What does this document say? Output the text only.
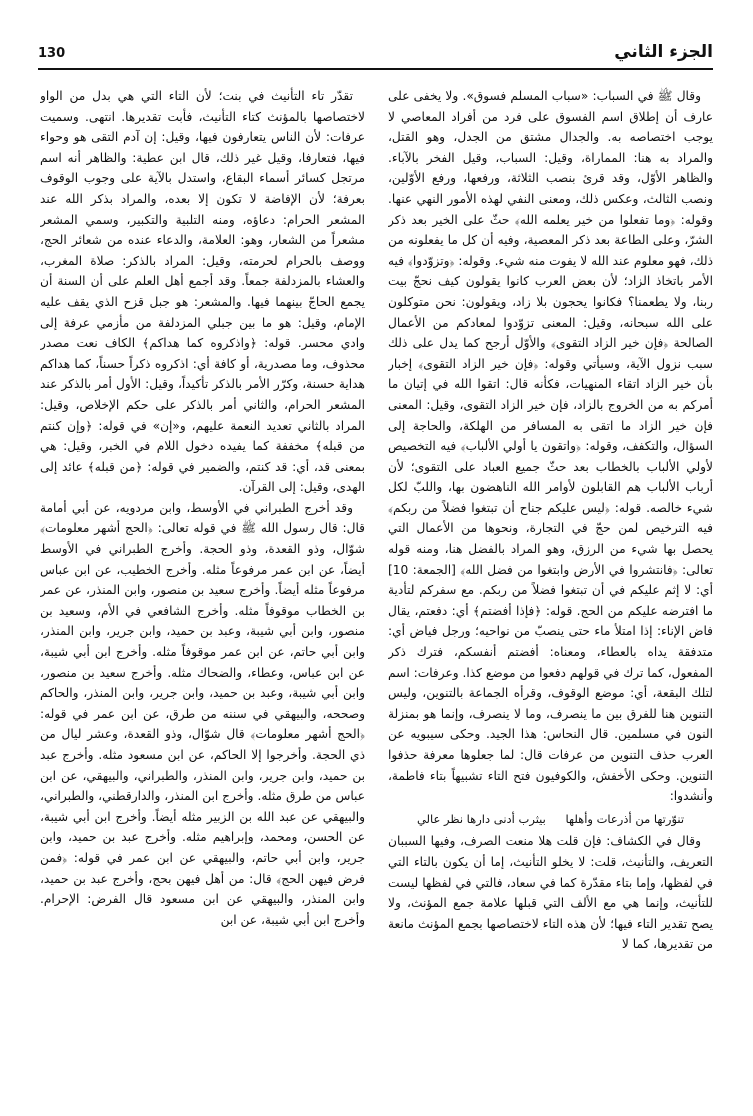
الجزء الثاني
130

وقال ﷺ في السباب: «سباب المسلم فسوق». ولا يخفى على عارف أن إطلاق اسم الفسوق على فرد من أفراد المعاصي لا يوجب اختصاصه به. والجدال مشتق من الجدل، وهو القتل، والمراد به هنا: المماراة، وقيل: السباب، وقيل الفخر بالآباء. والظاهر الأوّل، وقد قرئ بنصب الثلاثة، ورفعها، ورفع الأوّلين، ونصب الثالث، وعكس ذلك، ومعنى النفي لهذه الأمور النهي عنها. وقوله: ﴿وما تفعلوا من خير يعلمه الله﴾ حثّ على الخير بعد ذكر الشرّ، وعلى الطاعة بعد ذكر المعصية، وفيه أن كل ما يفعلونه من ذلك، فهو معلوم عند الله لا يفوت منه شيء. وقوله: ﴿وتزوّدوا﴾ فيه الأمر باتخاذ الزاد؛ لأن بعض العرب كانوا يقولون كيف نحجّ بيت ربنا، ولا يطعمنا؟ فكانوا يحجون بلا زاد، ويقولون: نحن متوكلون على الله سبحانه، وقيل: المعنى تزوّدوا لمعادكم من الأعمال الصالحة ﴿فإن خير الزاد التقوى﴾ والأوّل أرجح كما يدل على ذلك سبب نزول الآية، وسيأتي وقوله: ﴿فإن خير الزاد التقوى﴾ إخبار بأن خير الزاد اتقاء المنهيات، فكأنه قال: اتقوا الله في إتيان ما أمركم به من الخروج بالزاد، فإن خير الزاد التقوى، وقيل: المعنى فإن خير الزاد ما اتقى به المسافر من الهلكة، والحاجة إلى السؤال، والتكفف، وقوله: ﴿واتقون يا أولي الألباب﴾ فيه التخصيص لأولي الألباب بالخطاب بعد حثّ جميع العباد على التقوى؛ لأن أرباب الألباب هم القابلون لأوامر الله الناهضون بها، واللبّ لكل شيء خالصه. قوله: ﴿ليس عليكم جناح أن تبتغوا فضلاً من ربكم﴾ فيه الترخيص لمن حجّ في التجارة، ونحوها من الأعمال التي يحصل بها شيء من الرزق، وهو المراد بالفضل هنا، ومنه قوله تعالى: ﴿فانتشروا في الأرض وابتغوا من فضل الله﴾ [الجمعة: 10] أي: لا إثم عليكم في أن تبتغوا فضلاً من ربكم. مع سفركم لتأدية ما افترضه عليكم من الحج. قوله: ﴿فإذا أفضتم﴾ أي: دفعتم، يقال فاض الإناء: إذا امتلأ ماء حتى ينصبّ من نواحيه؛ ورجل فياض أي: متدفقة يداه بالعطاء، ومعناه: أفضتم أنفسكم، فترك ذكر المفعول، كما ترك في قولهم دفعوا من موضع كذا. وعرفات: اسم لتلك البقعة، أي: موضع الوقوف، وقرأه الجماعة بالتنوين، وليس التنوين هنا للفرق بين ما ينصرف، وما لا ينصرف، وإنما هو بمنزلة النون في مسلمين. قال النحاس: هذا الجيد. وحكى سيبويه عن العرب حذف التنوين من عرفات قال: لما جعلوها معرفة حذفوا التنوين. وحكى الأخفش، والكوفيون فتح التاء تشبيهاً بتاء فاطمة، وأنشدوا:

تنوّرتها من أذرعات وأهلها بيثرب أدنى دارها نظر عالي

وقال في الكشاف: فإن قلت هلا منعت الصرف، وفيها السببان التعريف، والتأنيث، قلت: لا يخلو التأنيث، إما أن يكون بالتاء التي في لفظها، وإما بتاء مقدّرة كما في سعاد، فالتي في لفظها ليست للتأنيث، وإنما هي مع الألف التي قبلها علامة جمع المؤنث، ولا يصح تقدير التاء فيها؛ لأن هذه التاء لاختصاصها بجمع المؤنث مانعة من تقديرها، كما لا

تقدّر تاء التأنيث في بنت؛ لأن التاء التي هي بدل من الواو لاختصاصها بالمؤنث كتاء التأنيث، فأبت تقديرها. انتهى. وسميت عرفات: لأن الناس يتعارفون فيها، وقيل: إن آدم التقى هو وحواء فيها، فتعارفا، وقيل غير ذلك، قال ابن عطية: والظاهر أنه اسم مرتجل كسائر أسماء البقاع، واستدل بالآية على وجوب الوقوف بعرفة؛ لأن الإفاضة لا تكون إلا بعده، والمراد بذكر الله عند المشعر الحرام: دعاؤه، ومنه التلبية والتكبير، وسمي المشعر مشعراً من الشعار، وهو: العلامة، والدعاء عنده من شعائر الحج، ووصف بالحرام لحرمته، وقيل: المراد بالذكر: صلاة المغرب، والعشاء بالمزدلفة جمعاً. وقد أجمع أهل العلم على أن السنة أن يجمع الحاجّ بينهما فيها. والمشعر: هو جبل قزح الذي يقف عليه الإمام، وقيل: هو ما بين جبلي المزدلفة من مأزمي عرفة إلى وادي محسر. قوله: ﴿واذكروه كما هداكم﴾ الكاف نعت مصدر محذوف، وما مصدرية، أو كافة أي: اذكروه ذكراً حسناً، كما هداكم هداية حسنة، وكرّر الأمر بالذكر تأكيداً، وقيل: الأول أمر بالذكر عند المشعر الحرام، والثاني أمر بالذكر على حكم الإخلاص، وقيل: المراد بالثاني تعديد النعمة عليهم، و«إن» في قوله: ﴿وإن كنتم من قبله﴾ مخففة كما يفيده دخول اللام في الخبر، وقيل: هي بمعنى قد، أي: قد كنتم، والضمير في قوله: ﴿من قبله﴾ عائد إلى الهدى، وقيل: إلى القرآن.

وقد أخرج الطبراني في الأوسط، وابن مردويه، عن أبي أمامة قال: قال رسول الله ﷺ في قوله تعالى: ﴿الحج أشهر معلومات﴾ شوّال، وذو القعدة، وذو الحجة. وأخرج الطبراني في الأوسط أيضاً، عن ابن عمر مرفوعاً مثله. وأخرج الخطيب، عن ابن عباس مرفوعاً مثله أيضاً. وأخرج سعيد بن منصور، وابن المنذر، عن عمر بن الخطاب موقوفاً مثله. وأخرج الشافعي في الأم، وسعيد بن منصور، وابن أبي شيبة، وعبد بن حميد، وابن جرير، وابن المنذر، وابن أبي حاتم، عن ابن عمر موقوفاً مثله. وأخرج ابن أبي شيبة، عن ابن عباس، وعطاء، والضحاك مثله. وأخرج سعيد بن منصور، وابن أبي شيبة، وعبد بن حميد، وابن جرير، وابن المنذر، والحاكم وصححه، والبيهقي في سننه من طرق، عن ابن عمر في قوله: ﴿الحج أشهر معلومات﴾ قال شوّال، وذو القعدة، وعشر ليال من ذي الحجة. وأخرجوا إلا الحاكم، عن ابن مسعود مثله. وأخرج عبد بن حميد، وابن جرير، وابن المنذر، والطبراني، والبيهقي، عن ابن عباس من طرق مثله. وأخرج ابن المنذر، والدارقطني، والطبراني، والبيهقي عن عبد الله بن الزبير مثله أيضاً. وأخرج ابن أبي شيبة، عن الحسن، ومحمد، وإبراهيم مثله. وأخرج عبد بن حميد، وابن جرير، وابن أبي حاتم، والبيهقي عن ابن عمر في قوله: ﴿فمن فرض فيهن الحج﴾ قال: من أهل فيهن بحج، وأخرج عبد بن حميد، وابن المنذر، والبيهقي عن ابن مسعود قال الفرض: الإحرام. وأخرج ابن أبي شيبة، عن ابن
